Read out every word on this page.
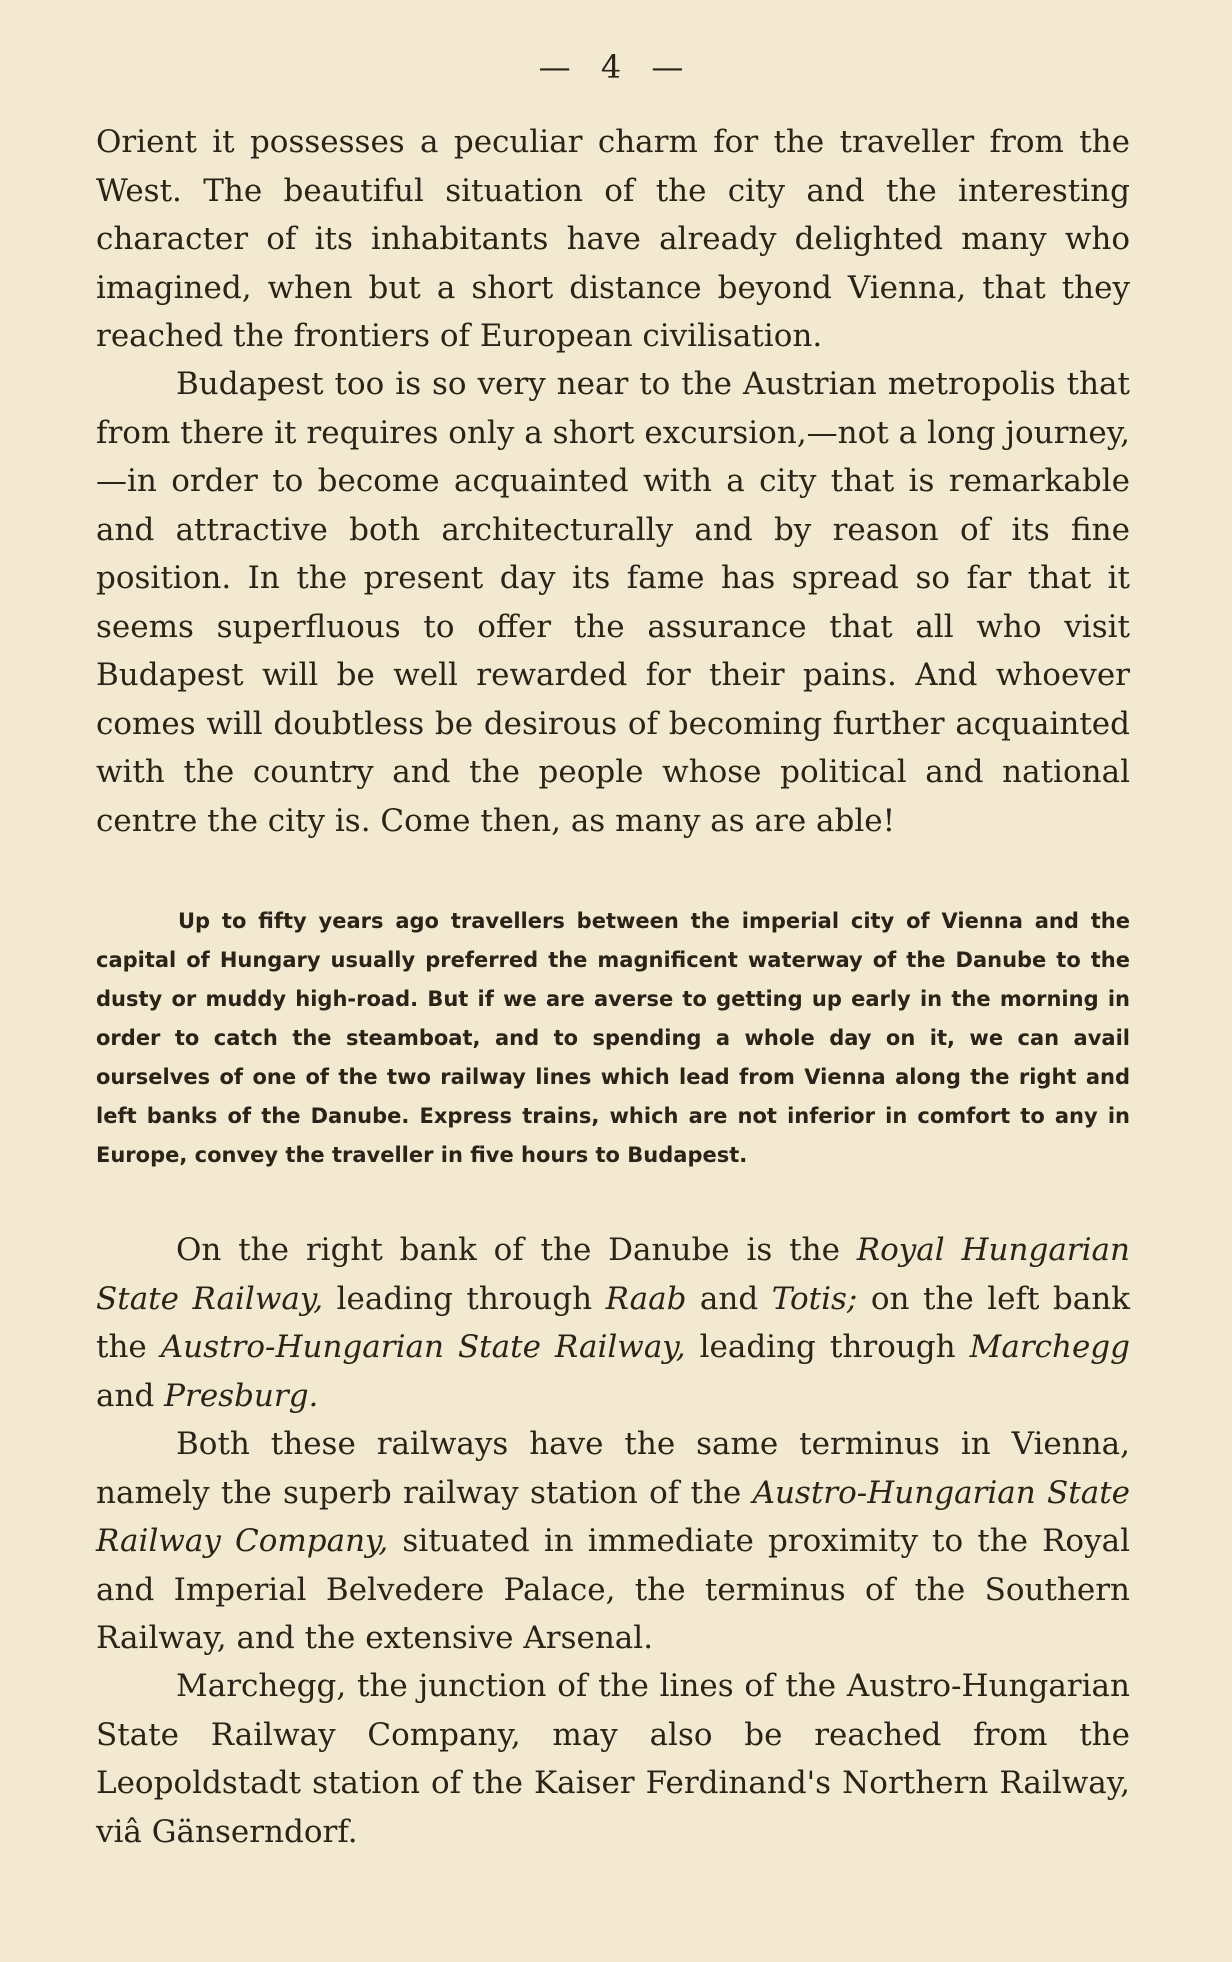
— 4 —

Orient it possesses a peculiar charm for the traveller from the West. The beautiful situation of the city and the interesting character of its inhabitants have already delighted many who imagined, when but a short distance beyond Vienna, that they reached the frontiers of European civilisation.

Budapest too is so very near to the Austrian metropolis that from there it requires only a short excursion,—not a long journey,—in order to become acquainted with a city that is remarkable and attractive both architecturally and by reason of its fine position. In the present day its fame has spread so far that it seems superfluous to offer the assurance that all who visit Budapest will be well rewarded for their pains. And whoever comes will doubtless be desirous of becoming further acquainted with the country and the people whose political and national centre the city is. Come then, as many as are able!

Up to fifty years ago travellers between the imperial city of Vienna and the capital of Hungary usually preferred the magnificent waterway of the Danube to the dusty or muddy high-road. But if we are averse to getting up early in the morning in order to catch the steamboat, and to spending a whole day on it, we can avail ourselves of one of the two railway lines which lead from Vienna along the right and left banks of the Danube. Express trains, which are not inferior in comfort to any in Europe, convey the traveller in five hours to Budapest.

On the right bank of the Danube is the Royal Hungarian State Railway, leading through Raab and Totis; on the left bank the Austro-Hungarian State Railway, leading through Marchegg and Presburg.

Both these railways have the same terminus in Vienna, namely the superb railway station of the Austro-Hungarian State Railway Company, situated in immediate proximity to the Royal and Imperial Belvedere Palace, the terminus of the Southern Railway, and the extensive Arsenal.

Marchegg, the junction of the lines of the Austro-Hungarian State Railway Company, may also be reached from the Leopoldstadt station of the Kaiser Ferdinand's Northern Railway, viâ Gänserndorf.
